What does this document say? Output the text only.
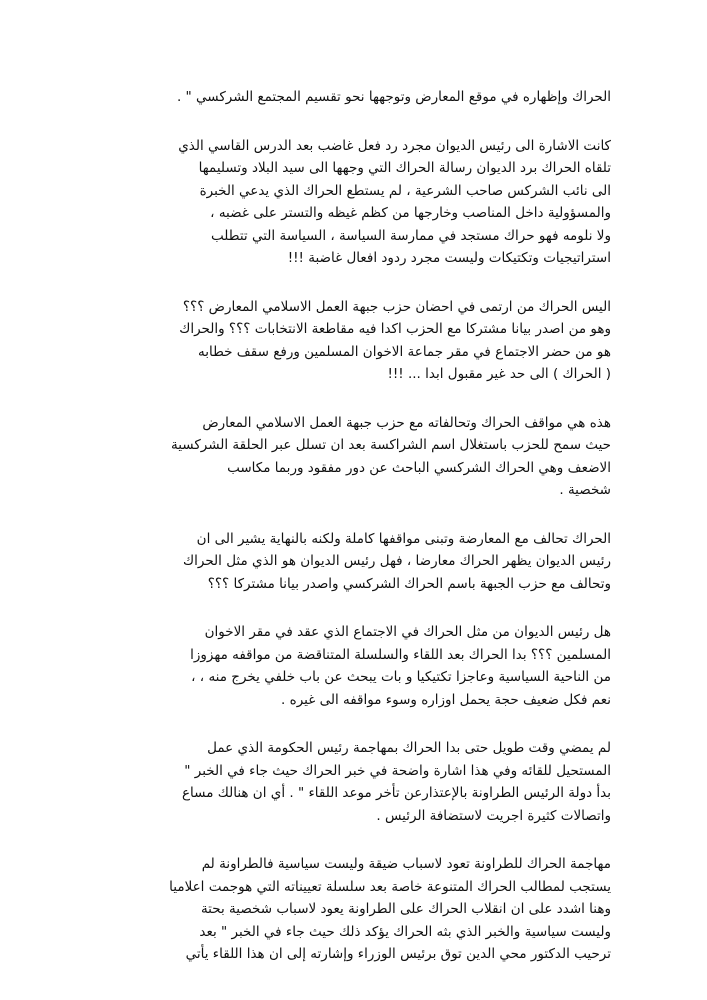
الحراك وإظهاره في موقع المعارض وتوجهها نحو تقسيم المجتمع الشركسي " .

كانت الاشارة الى رئيس الديوان مجرد رد فعل غاضب بعد الدرس القاسي الذي
تلقاه الحراك برد الديوان رسالة الحراك التي وجهها الى سيد البلاد وتسليمها
الى نائب الشركس صاحب الشرعية ، لم يستطع الحراك الذي يدعي الخبرة
والمسؤولية داخل المناصب وخارجها من كظم غيظه والتستر على غضبه ،
ولا نلومه فهو حراك مستجد في ممارسة السياسة ، السياسة التي تتطلب
استراتيجيات وتكتيكات وليست مجرد ردود افعال غاضبة !!!

اليس الحراك من ارتمى في احضان حزب جبهة العمل الاسلامي المعارض ؟؟؟
وهو من اصدر بيانا مشتركا مع الحزب اكدا فيه مقاطعة الانتخابات ؟؟؟ والحراك
هو من حضر الاجتماع في مقر جماعة الاخوان المسلمين ورفع سقف خطابه
( الحراك ) الى حد غير مقبول ابدا ... !!!

هذه هي مواقف الحراك وتحالفاته مع حزب جبهة العمل الاسلامي المعارض
حيث سمح للحزب باستغلال اسم الشراكسة بعد ان تسلل عبر الحلقة الشركسية
الاضعف وهي الحراك الشركسي الباحث عن دور مفقود وربما مكاسب
شخصية .

الحراك تحالف مع المعارضة وتبنى مواقفها كاملة ولكنه بالنهاية يشير الى ان
رئيس الديوان يظهر الحراك معارضا ، فهل رئيس الديوان هو الذي مثل الحراك
وتحالف مع حزب الجبهة باسم الحراك الشركسي واصدر بيانا مشتركا ؟؟؟

هل رئيس الديوان من مثل الحراك في الاجتماع الذي عقد في مقر الاخوان
المسلمين ؟؟؟ بدا الحراك بعد اللقاء والسلسلة المتناقضة من مواقفه مهزوزا
من الناحية السياسية وعاجزا تكتيكيا و بات يبحث عن باب خلفي يخرج منه ، ،
نعم فكل ضعيف حجة يحمل اوزاره وسوء مواقفه الى غيره .

لم يمضي وقت طويل حتى بدا الحراك بمهاجمة رئيس الحكومة الذي عمل
المستحيل للقائه وفي هذا اشارة واضحة في خبر الحراك حيث جاء في الخبر "
بدأ دولة الرئيس الطراونة بالإعتذارعن تأخر موعد اللقاء " . أي ان هنالك مساع
واتصالات كثيرة اجريت لاستضافة الرئيس .

مهاجمة الحراك للطراونة تعود لاسباب ضيقة وليست سياسية فالطراونة لم
يستجب لمطالب الحراك المتنوعة خاصة بعد سلسلة تعييناته التي هوجمت اعلاميا
وهنا اشدد على ان انقلاب الحراك على الطراونة يعود لاسباب شخصية بحتة
وليست سياسية والخبر الذي بثه الحراك يؤكد ذلك حيث جاء في الخبر " بعد
ترحيب الدكتور محي الدين توق برئيس الوزراء وإشارته إلى ان هذا اللقاء يأتي
